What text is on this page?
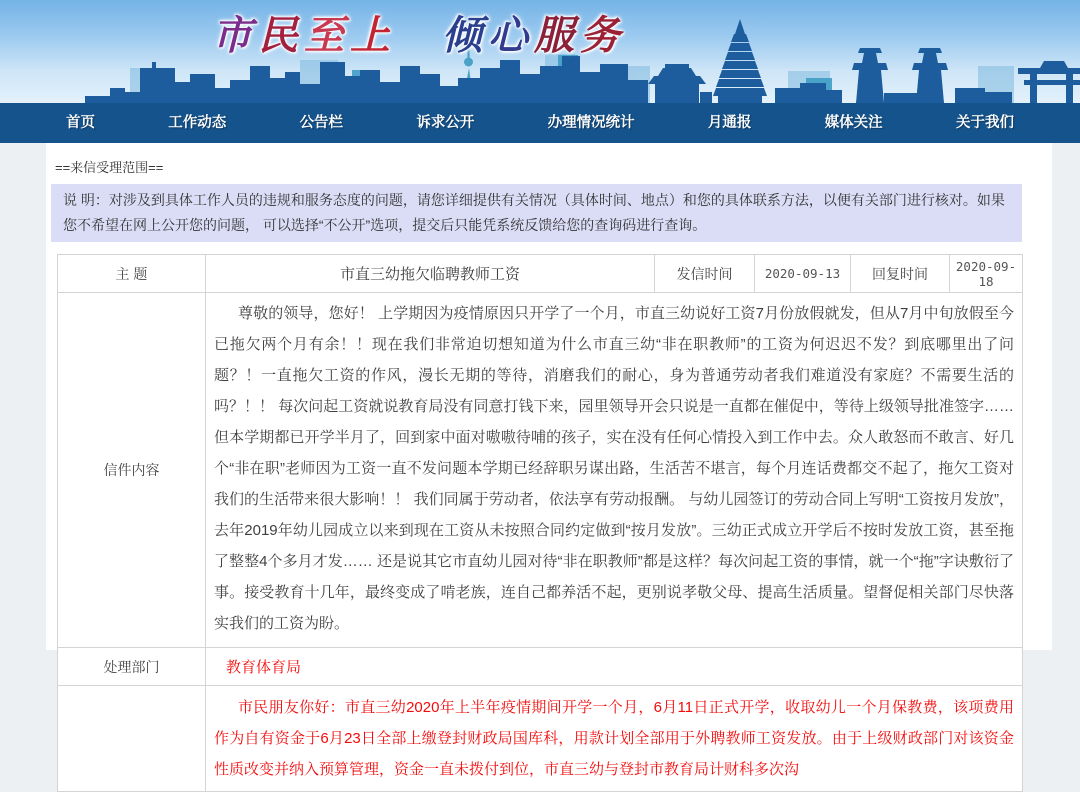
市民至上 倾心服务
首页	工作动态	公告栏	诉求公开	办理情况统计	月通报	媒体关注	关于我们
==来信受理范围==
说 明：对涉及到具体工作人员的违规和服务态度的问题，请您详细提供有关情况（具体时间、地点）和您的具体联系方法，以便有关部门进行核对。如果您不希望在网上公开您的问题， 可以选择“不公开”选项，提交后只能凭系统反馈给您的查询码进行查询。
主 题	市直三幼拖欠临聘教师工资	发信时间	2020-09-13	回复时间	2020-09-18
信件内容	尊敬的领导，您好！ 上学期因为疫情原因只开学了一个月，市直三幼说好工资7月份放假就发，但从7月中旬放假至今已拖欠两个月有余！！现在我们非常迫切想知道为什么市直三幼“非在职教师”的工资为何迟迟不发？到底哪里出了问题？！一直拖欠工资的作风，漫长无期的等待，消磨我们的耐心，身为普通劳动者我们难道没有家庭？不需要生活的吗？！！ 每次问起工资就说教育局没有同意打钱下来，园里领导开会只说是一直都在催促中，等待上级领导批准签字……但本学期都已开学半月了，回到家中面对嗷嗷待哺的孩子，实在没有任何心情投入到工作中去。众人敢怒而不敢言、好几个“非在职”老师因为工资一直不发问题本学期已经辞职另谋出路，生活苦不堪言，每个月连话费都交不起了，拖欠工资对我们的生活带来很大影响！！ 我们同属于劳动者，依法享有劳动报酬。 与幼儿园签订的劳动合同上写明“工资按月发放”，去年2019年幼儿园成立以来到现在工资从未按照合同约定做到“按月发放”。三幼正式成立开学后不按时发放工资，甚至拖了整整4个多月才发…… 还是说其它市直幼儿园对待“非在职教师”都是这样？每次问起工资的事情，就一个“拖”字诀敷衍了事。接受教育十几年，最终变成了啃老族，连自己都养活不起，更别说孝敬父母、提高生活质量。望督促相关部门尽快落实我们的工资为盼。				

处理部门	教育体育局				

	市民朋友你好：市直三幼2020年上半年疫情期间开学一个月，6月11日正式开学，收取幼儿一个月保教费，该项费用作为自有资金于6月23日全部上缴登封财政局国库科，用款计划全部用于外聘教师工资发放。由于上级财政部门对该资金性质改变并纳入预算管理，资金一直未拨付到位，市直三幼与登封市教育局计财科多次沟				
